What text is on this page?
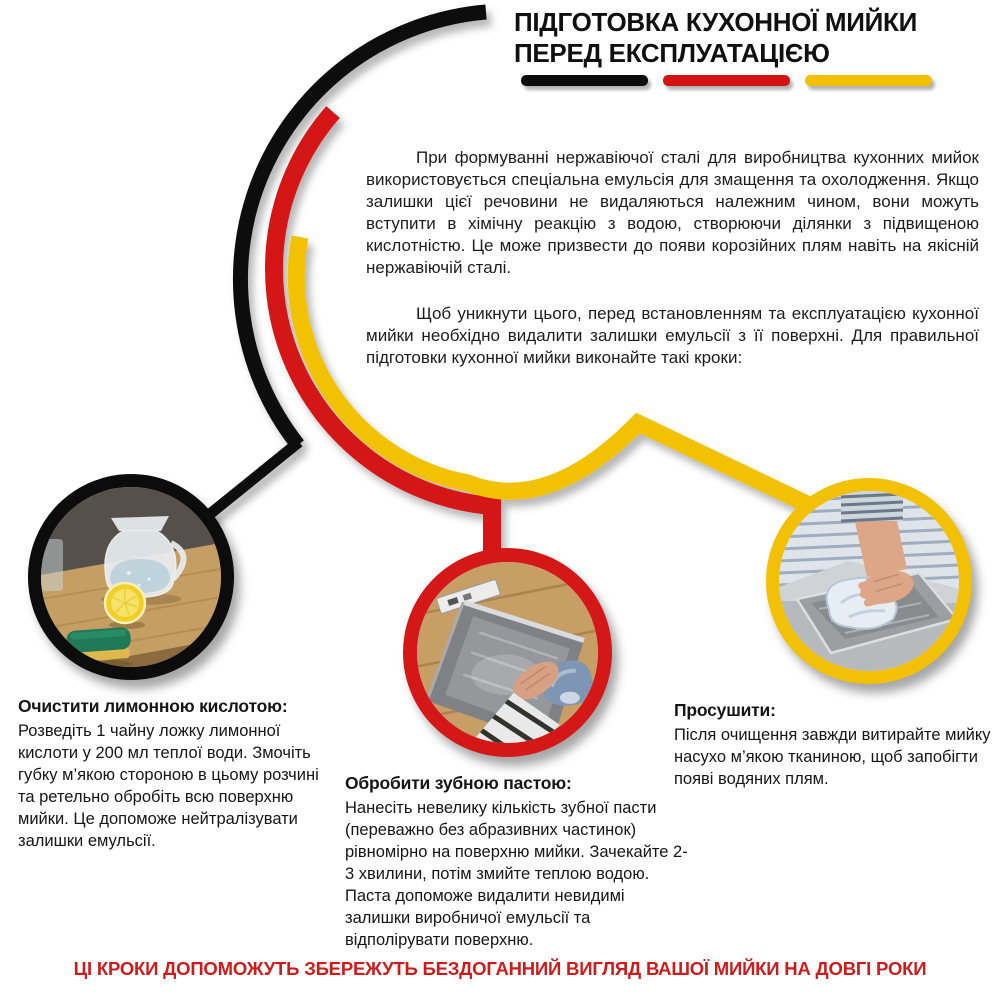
ПІДГОТОВКА КУХОННОЇ МИЙКИ
ПЕРЕД ЕКСПЛУАТАЦІЄЮ

При формуванні нержавіючої сталі для виробництва кухонних мийок використовується спеціальна емульсія для змащення та охолодження. Якщо залишки цієї речовини не видаляються належним чином, вони можуть вступити в хімічну реакцію з водою, створюючи ділянки з підвищеною кислотністю. Це може призвести до появи корозійних плям навіть на якісній нержавіючій сталі.

Щоб уникнути цього, перед встановленням та експлуатацією кухонної мийки необхідно видалити залишки емульсії з її поверхні. Для правильної підготовки кухонної мийки виконайте такі кроки:

Очистити лимонною кислотою:

Розведіть 1 чайну ложку лимонної кислоти у 200 мл теплої води. Змочіть губку м’якою стороною в цьому розчині та ретельно обробіть всю поверхню мийки. Це допоможе нейтралізувати залишки емульсії.

Обробити зубною пастою:

Нанесіть невелику кількість зубної пасти (переважно без абразивних частинок) рівномірно на поверхню мийки. Зачекайте 2-3 хвилини, потім змийте теплою водою. Паста допоможе видалити невидимі залишки виробничої емульсії та відполірувати поверхню.

Просушити:

Після очищення завжди витирайте мийку насухо м’якою тканиною, щоб запобігти появі водяних плям.

ЦІ КРОКИ ДОПОМОЖУТЬ ЗБЕРЕЖУТЬ БЕЗДОГАННИЙ ВИГЛЯД ВАШОЇ МИЙКИ НА ДОВГІ РОКИ
